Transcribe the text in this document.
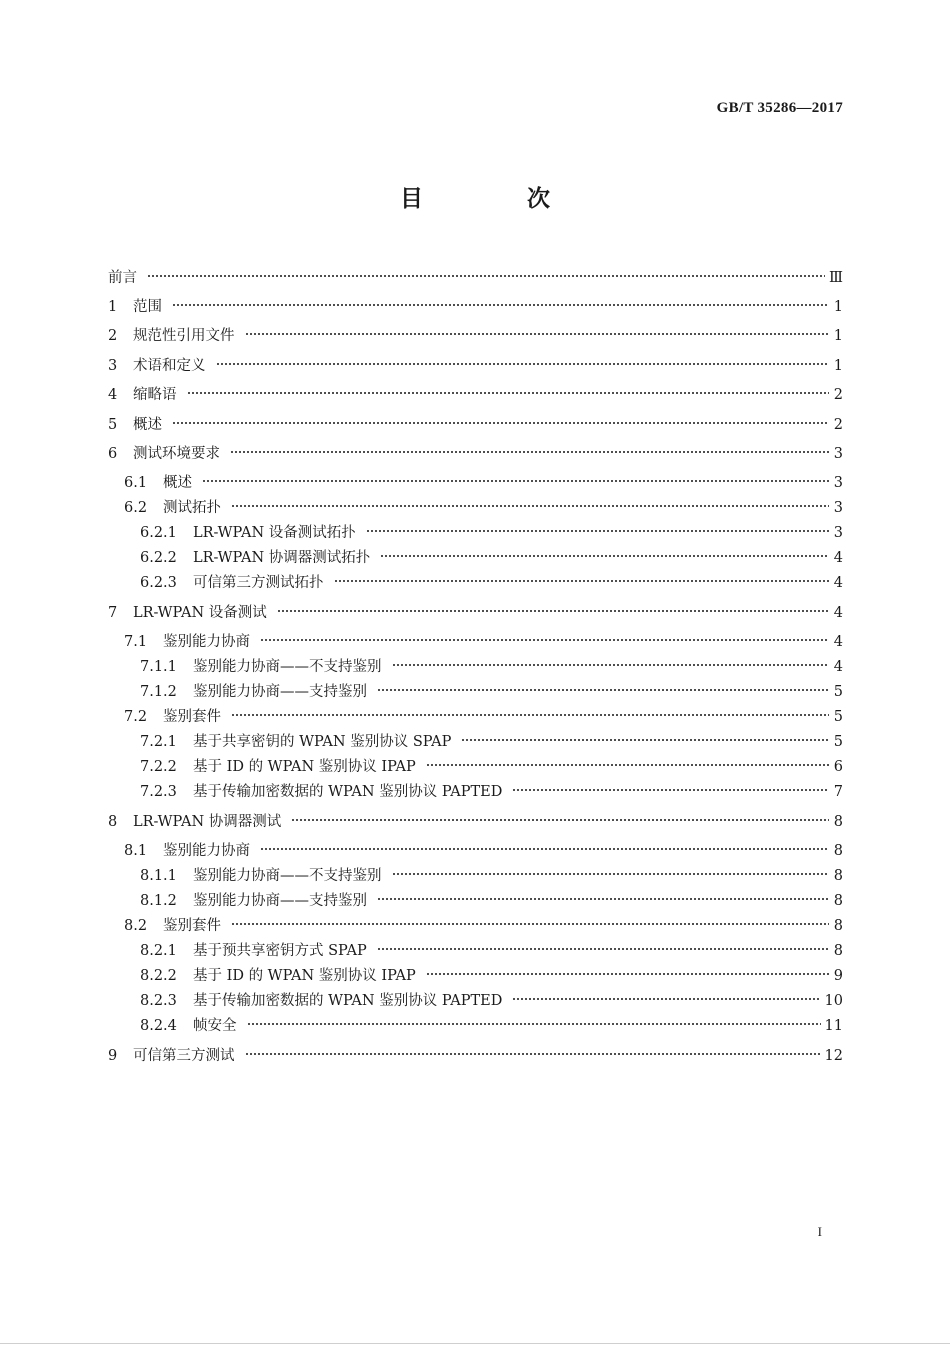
GB/T 35286—2017
目 次
前言	Ⅲ
1	范围	1
2	规范性引用文件	1
3	术语和定义	1
4	缩略语	2
5	概述	2
6	测试环境要求	3
6.1	概述	3
6.2	测试拓扑	3
6.2.1	LR-WPAN 设备测试拓扑	3
6.2.2	LR-WPAN 协调器测试拓扑	4
6.2.3	可信第三方测试拓扑	4
7	LR-WPAN 设备测试	4
7.1	鉴别能力协商	4
7.1.1	鉴别能力协商——不支持鉴别	4
7.1.2	鉴别能力协商——支持鉴别	5
7.2	鉴别套件	5
7.2.1	基于共享密钥的 WPAN 鉴别协议 SPAP	5
7.2.2	基于 ID 的 WPAN 鉴别协议 IPAP	6
7.2.3	基于传输加密数据的 WPAN 鉴别协议 PAPTED	7
8	LR-WPAN 协调器测试	8
8.1	鉴别能力协商	8
8.1.1	鉴别能力协商——不支持鉴别	8
8.1.2	鉴别能力协商——支持鉴别	8
8.2	鉴别套件	8
8.2.1	基于预共享密钥方式 SPAP	8
8.2.2	基于 ID 的 WPAN 鉴别协议 IPAP	9
8.2.3	基于传输加密数据的 WPAN 鉴别协议 PAPTED	10
8.2.4	帧安全	11
9	可信第三方测试	12
I
